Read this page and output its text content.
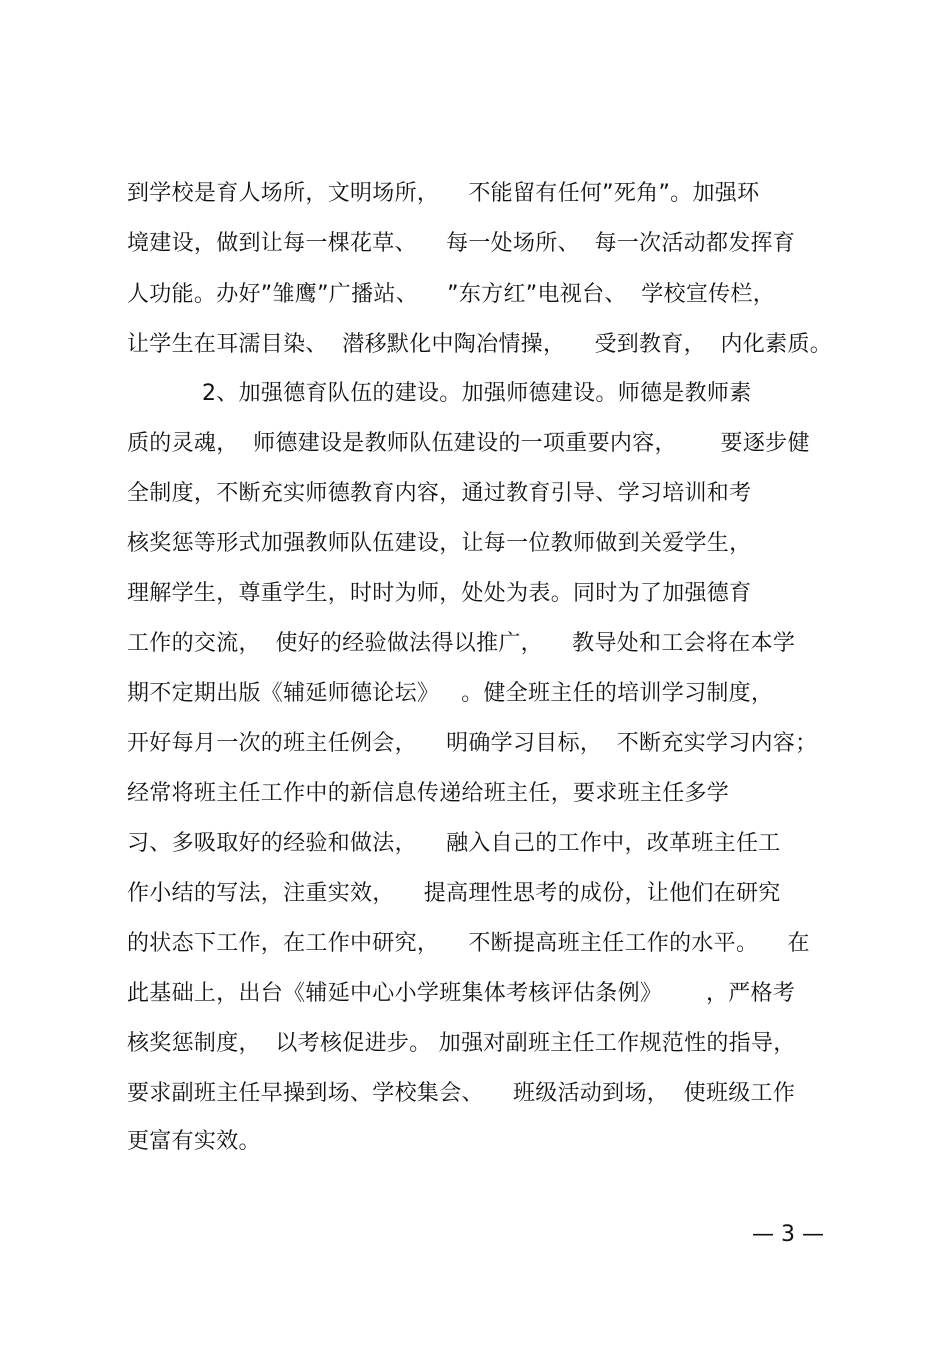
到学校是育人场所，文明场所，    不能留有任何”死角”。加强环
境建设，做到让每一棵花草、    每一处场所、  每一次活动都发挥育
人功能。办好”雏鹰”广播站、    ”东方红”电视台、  学校宣传栏，
让学生在耳濡目染、  潜移默化中陶冶情操，    受到教育，  内化素质。
2、加强德育队伍的建设。加强师德建设。师德是教师素
质的灵魂，  师德建设是教师队伍建设的一项重要内容，      要逐步健
全制度，不断充实师德教育内容，通过教育引导、学习培训和考
核奖惩等形式加强教师队伍建设，让每一位教师做到关爱学生，
理解学生，尊重学生，时时为师，处处为表。同时为了加强德育
工作的交流，  使好的经验做法得以推广，    教导处和工会将在本学
期不定期出版《辅延师德论坛》   。健全班主任的培训学习制度，
开好每月一次的班主任例会，    明确学习目标，  不断充实学习内容；
经常将班主任工作中的新信息传递给班主任，要求班主任多学
习、多吸取好的经验和做法，    融入自己的工作中，改革班主任工
作小结的写法，注重实效，    提高理性思考的成份，让他们在研究
的状态下工作，在工作中研究，    不断提高班主任工作的水平。    在
此基础上，出台《辅延中心小学班集体考核评估条例》      ，严格考
核奖惩制度，  以考核促进步。 加强对副班主任工作规范性的指导，
要求副班主任早操到场、学校集会、    班级活动到场，  使班级工作
更富有实效。
— 3 —
